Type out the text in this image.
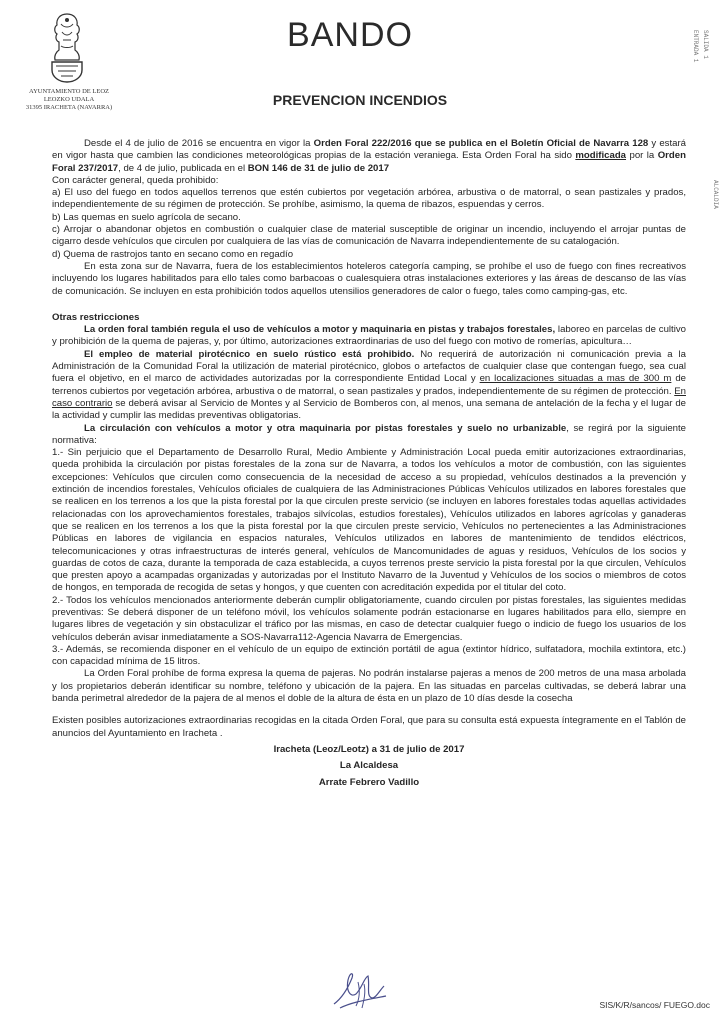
AYUNTAMIENTO DE LEOZ
LEOZKO UDALA
31395 IRACHETA (NAVARRA)
BANDO
PREVENCION INCENDIOS
ENTRADA 1 SALIDA 1
ALCALDIA

Desde el 4 de julio de 2016 se encuentra en vigor la Orden Foral 222/2016 que se publica en el Boletín Oficial de Navarra 128 y estará en vigor hasta que cambien las condiciones meteorológicas propias de la estación veraniega. Esta Orden Foral ha sido modificada por la Orden Foral 237/2017, de 4 de julio, publicada en el BON 146 de 31 de julio de 2017

Con carácter general, queda prohibido:

a) El uso del fuego en todos aquellos terrenos que estén cubiertos por vegetación arbórea, arbustiva o de matorral, o sean pastizales y prados, independientemente de su régimen de protección. Se prohíbe, asimismo, la quema de ribazos, espuendas y cerros.

b) Las quemas en suelo agrícola de secano.

c) Arrojar o abandonar objetos en combustión o cualquier clase de material susceptible de originar un incendio, incluyendo el arrojar puntas de cigarro desde vehículos que circulen por cualquiera de las vías de comunicación de Navarra independientemente de su catalogación.

d) Quema de rastrojos tanto en secano como en regadío

En esta zona sur de Navarra, fuera de los establecimientos hoteleros categoría camping, se prohíbe el uso de fuego con fines recreativos incluyendo los lugares habilitados para ello tales como barbacoas o cualesquiera otras instalaciones exteriores y las áreas de descanso de las vías de comunicación. Se incluyen en esta prohibición todos aquellos utensilios generadores de calor o fuego, tales como camping-gas, etc.

Otras restricciones

La orden foral también regula el uso de vehículos a motor y maquinaria en pistas y trabajos forestales, laboreo en parcelas de cultivo y prohibición de la quema de pajeras, y, por último, autorizaciones extraordinarias de uso del fuego con motivo de romerías, apicultura…

El empleo de material pirotécnico en suelo rústico está prohibido. No requerirá de autorización ni comunicación previa a la Administración de la Comunidad Foral la utilización de material pirotécnico, globos o artefactos de cualquier clase que contengan fuego, sea cual fuera el objetivo, en el marco de actividades autorizadas por la correspondiente Entidad Local y en localizaciones situadas a mas de 300 m de terrenos cubiertos por vegetación arbórea, arbustiva o de matorral, o sean pastizales y prados, independientemente de su régimen de protección. En caso contrario se deberá avisar al Servicio de Montes y al Servicio de Bomberos con, al menos, una semana de antelación de la fecha y el lugar de la actividad y cumplir las medidas preventivas obligatorias.

La circulación con vehículos a motor y otra maquinaria por pistas forestales y suelo no urbanizable, se regirá por la siguiente normativa:

1.- Sin perjuicio que el Departamento de Desarrollo Rural, Medio Ambiente y Administración Local pueda emitir autorizaciones extraordinarias, queda prohibida la circulación por pistas forestales de la zona sur de Navarra, a todos los vehículos a motor de combustión, con las siguientes excepciones: Vehículos que circulen como consecuencia de la necesidad de acceso a su propiedad, vehículos destinados a la prevención y extinción de incendios forestales, Vehículos oficiales de cualquiera de las Administraciones Públicas Vehículos utilizados en labores forestales que se realicen en los terrenos a los que la pista forestal por la que circulen preste servicio (se incluyen en labores forestales todas aquellas actividades relacionadas con los aprovechamientos forestales, trabajos silvícolas, estudios forestales), Vehículos utilizados en labores agrícolas y ganaderas que se realicen en los terrenos a los que la pista forestal por la que circulen preste servicio, Vehículos no pertenecientes a las Administraciones Públicas en labores de vigilancia en espacios naturales, Vehículos utilizados en labores de mantenimiento de tendidos eléctricos, telecomunicaciones y otras infraestructuras de interés general, vehículos de Mancomunidades de aguas y residuos, Vehículos de los socios y guardas de cotos de caza, durante la temporada de caza establecida, a cuyos terrenos preste servicio la pista forestal por la que circulen, Vehículos que presten apoyo a acampadas organizadas y autorizadas por el Instituto Navarro de la Juventud y Vehículos de los socios o miembros de cotos de hongos, en temporada de recogida de setas y hongos, y que cuenten con acreditación expedida por el titular del coto.

2.- Todos los vehículos mencionados anteriormente deberán cumplir obligatoriamente, cuando circulen por pistas forestales, las siguientes medidas preventivas: Se deberá disponer de un teléfono móvil, los vehículos solamente podrán estacionarse en lugares habilitados para ello, siempre en lugares libres de vegetación y sin obstaculizar el tráfico por las mismas, en caso de detectar cualquier fuego o indicio de fuego los usuarios de los vehículos deberán avisar inmediatamente a SOS-Navarra112-Agencia Navarra de Emergencias.

3.- Además, se recomienda disponer en el vehículo de un equipo de extinción portátil de agua (extintor hídrico, sulfatadora, mochila extintora, etc.) con capacidad mínima de 15 litros.

La Orden Foral prohíbe de forma expresa la quema de pajeras. No podrán instalarse pajeras a menos de 200 metros de una masa arbolada y los propietarios deberán identificar su nombre, teléfono y ubicación de la pajera. En las situadas en parcelas cultivadas, se deberá labrar una banda perimetral alrededor de la pajera de al menos el doble de la altura de ésta en un plazo de 10 días desde la cosecha

Existen posibles autorizaciones extraordinarias recogidas en la citada Orden Foral, que para su consulta está expuesta íntegramente en el Tablón de anuncios del Ayuntamiento en Iracheta .

Iracheta (Leoz/Leotz) a 31 de julio de 2017
La Alcaldesa
Arrate Febrero Vadillo
SIS/K/R/sancos/ FUEGO.doc
